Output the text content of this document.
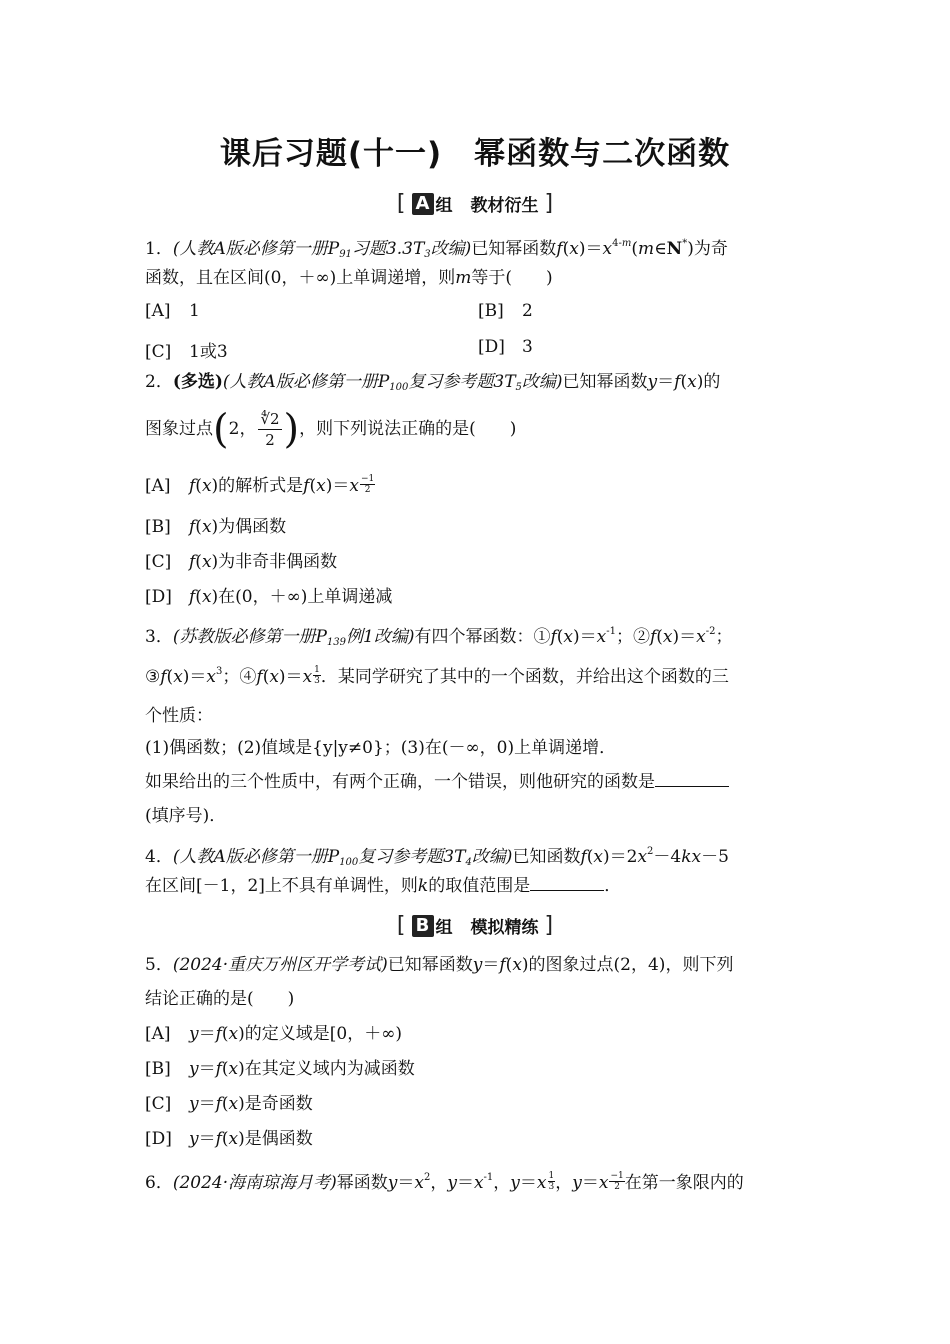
课后习题(十一)　幂函数与二次函数
[ A 组 教材衍生 ]
1．(人教A版必修第一册$P_{91}$习题$3.3T_3$改编)已知幂函数$f(x)=x^{4-m}(m\in N^*)$为奇
函数，且在区间(0，＋∞)上单调递增，则m等于(　　)
[A] 1	[B] 2
[C] 1或3	[D] 3
2．(多选)(人教A版必修第一册$P_{100}$复习参考题$3T_5$改编)已知幂函数y＝f(x)的
图象过点(2， $\frac{∜2}{2}$ )，则下列说法正确的是(　　)
[A] f(x)的解析式是$f(x)=x \frac{-1}{2}$
[B] f(x)为偶函数
[C] f(x)为非奇非偶函数
[D] f(x)在(0，＋∞)上单调递减
3．(苏教版必修第一册$P_{139}$例1改编)有四个幂函数：$①f(x)=x^{-1}$；$②f(x)=x^{-2}$；
$③f(x)=x^3$；④f(x)＝x $\frac{1}{3}$ ．某同学研究了其中的一个函数，并给出这个函数的三
个性质：
(1)偶函数；(2)值域是{y|y≠0}；(3)在(－∞，0)上单调递增．
如果给出的三个性质中，有两个正确，一个错误，则他研究的函数是
(填序号)．
4．(人教A版必修第一册$P_{100}$复习参考题$3T_4$改编)已知函数$f(x)=2x^2-4kx-5$
在区间[－1，2]上不具有单调性，则k的取值范围是	．
[ B 组 模拟精练 ]
5．(2024·重庆万州区开学考试)已知幂函数y＝f(x)的图象过点(2，4)，则下列
结论正确的是(　　)
[A] y＝f(x)的定义域是[0，＋∞)
[B] y＝f(x)在其定义域内为减函数
[C] y＝f(x)是奇函数
[D] y＝f(x)是偶函数
6．(2024·海南琼海月考)幂函数$y=x^2$，$y=x^{-1}$，$y=x \frac{1}{3}$ ，$y=x \frac{-1}{2}$ 在第一象限内的
